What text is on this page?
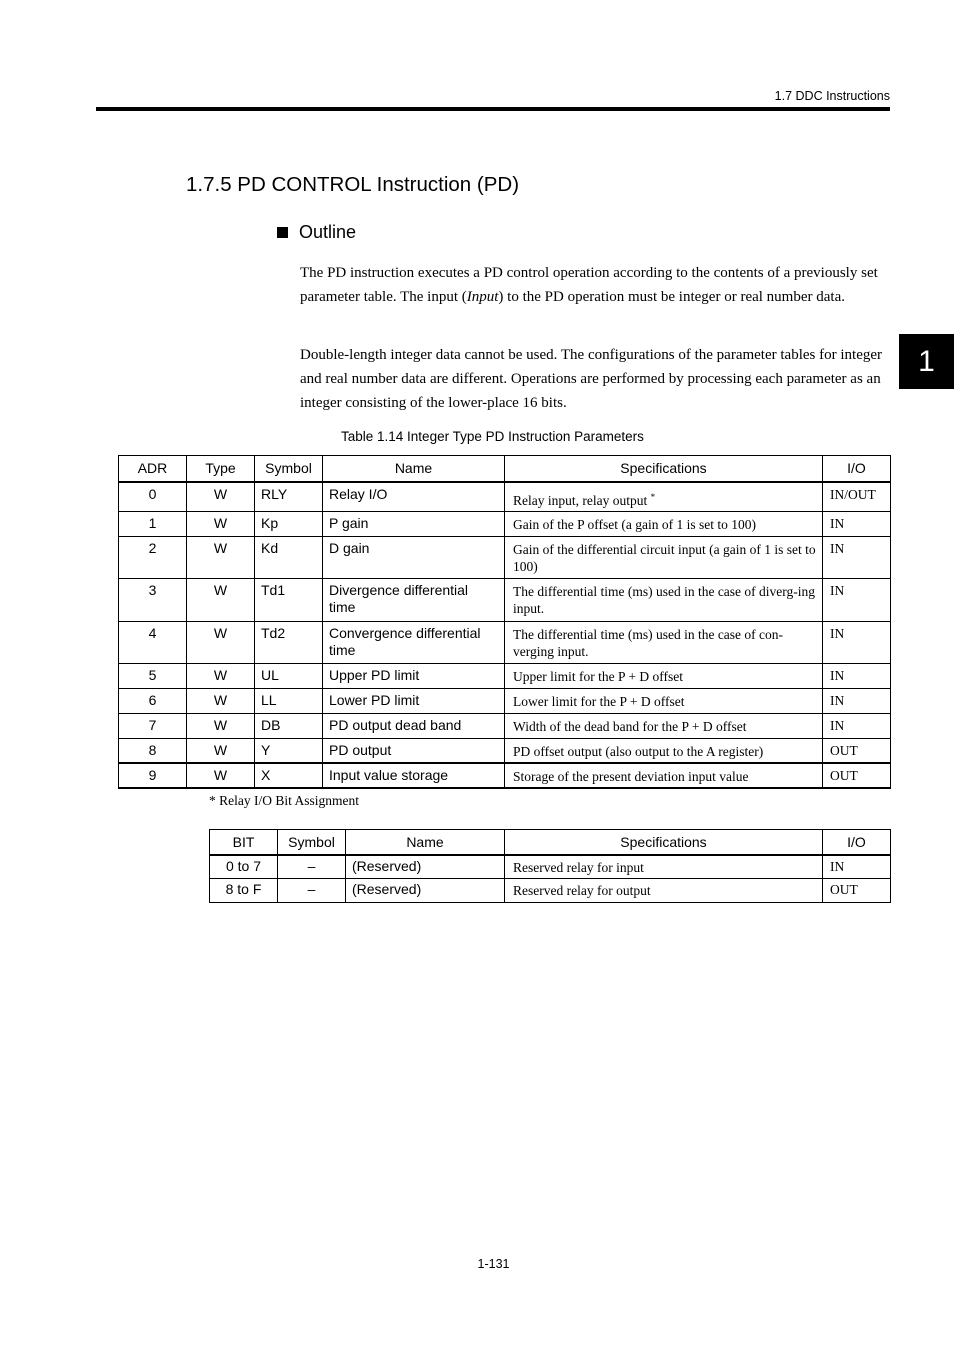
1.7 DDC Instructions
1
1.7.5 PD CONTROL Instruction (PD)
Outline

The PD instruction executes a PD control operation according to the contents of a previously set parameter table. The input (Input) to the PD operation must be integer or real number data.

Double-length integer data cannot be used. The configurations of the parameter tables for integer and real number data are different. Operations are performed by processing each parameter as an integer consisting of the lower-place 16 bits.

Table 1.14 Integer Type PD Instruction Parameters
ADR	Type	Symbol	Name	Specifications	I/O
0	W	RLY	Relay I/O	Relay input, relay output *	IN/OUT
1	W	Kp	P gain	Gain of the P offset (a gain of 1 is set to 100)	IN
2	W	Kd	D gain	Gain of the differential circuit input (a gain of 1 is set to 100)	IN
3	W	Td1	Divergence differential time	The differential time (ms) used in the case of diverg-ing input.	IN
4	W	Td2	Convergence differential time	The differential time (ms) used in the case of con-verging input.	IN
5	W	UL	Upper PD limit	Upper limit for the P + D offset	IN
6	W	LL	Lower PD limit	Lower limit for the P + D offset	IN
7	W	DB	PD output dead band	Width of the dead band for the P + D offset	IN
8	W	Y	PD output	PD offset output (also output to the A register)	OUT
9	W	X	Input value storage	Storage of the present deviation input value	OUT
* Relay I/O Bit Assignment
BIT	Symbol	Name	Specifications	I/O
0 to 7	–	(Reserved)	Reserved relay for input	IN
8 to F	–	(Reserved)	Reserved relay for output	OUT
1-131
